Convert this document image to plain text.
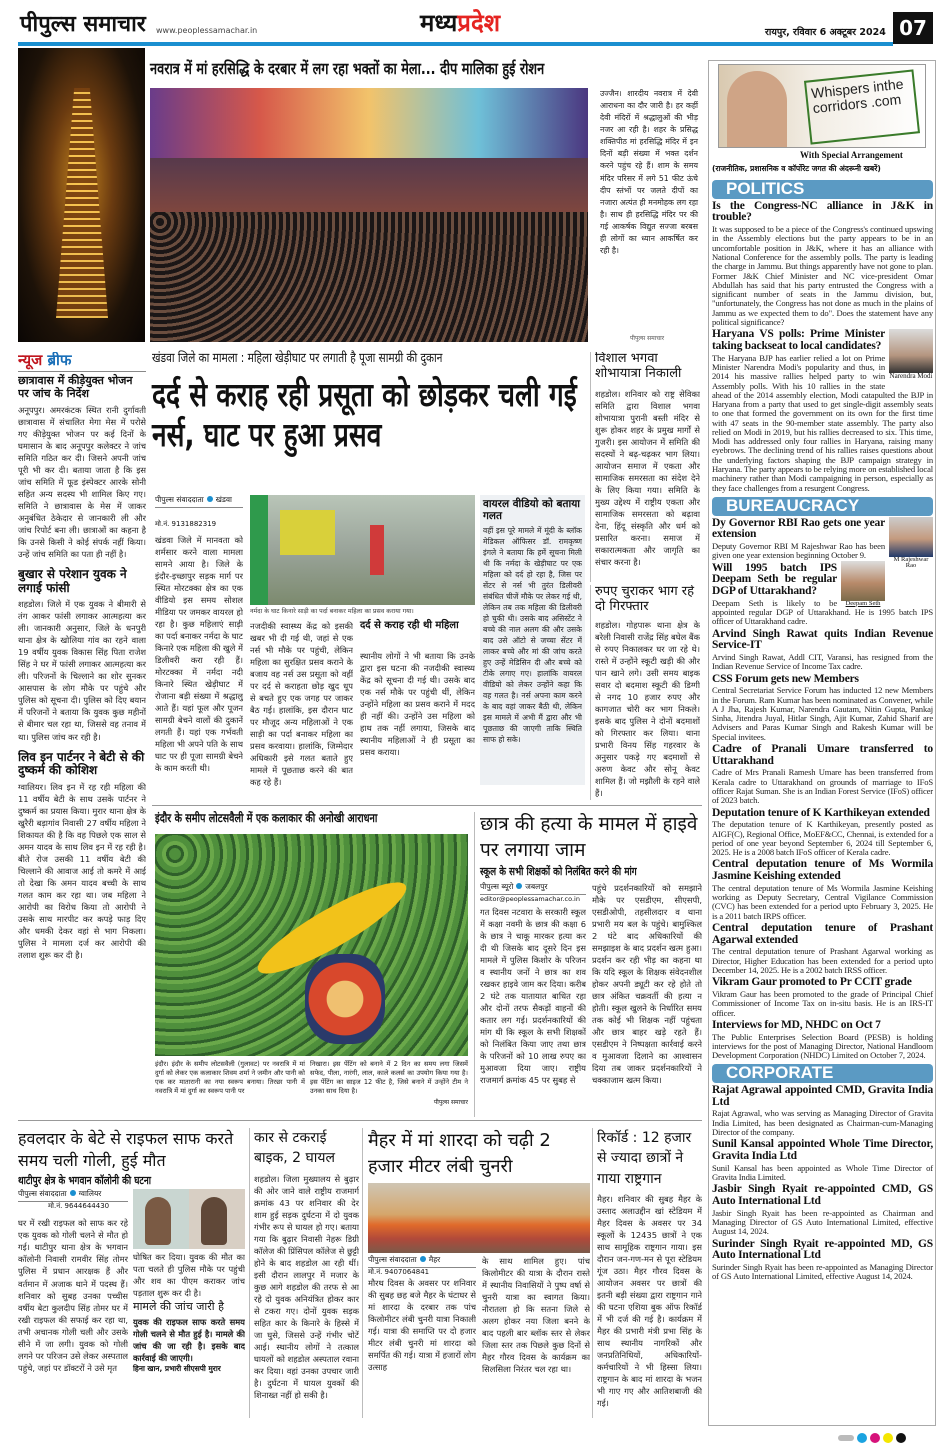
पीपुल्स समाचार www.peoplessamachar.in	मध्यप्रदेश	रायपुर, रविवार 6 अक्टूबर 2024 07
नवरात्र में मां हरसिद्धि के दरबार में लग रहा भक्तों का मेला... दीप मालिका हुई रोशन
उज्जैन। शारदीय नवरात्र में देवी आराधना का दौर जारी है। हर कहीं देवी मंदिरों में श्रद्धालुओं की भीड़ नजर आ रही है। शहर के प्रसिद्ध शक्तिपीठ मां हरसिद्धि मंदिर में इन दिनों बड़ी संख्या में भक्त दर्शन करने पहुंच रहे हैं। शाम के समय मंदिर परिसर में लगे 51 फीट ऊंचे दीप स्तंभों पर जलते दीपों का नजारा अत्यंत ही मनमोहक लग रहा है। साथ ही हरसिद्धि मंदिर पर की गई आकर्षक विद्युत सज्जा बरबस ही लोगों का ध्यान आकर्षित कर रही है।
पीपुल्स समाचार
Whispers inthe corridors .com
With Special Arrangement
(राजनीतिक, प्रशासनिक व कॉर्पोरेट जगत की अंदरूनी खबरें)
POLITICS
Is the Congress-NC alliance in J&K in trouble?

It was supposed to be a piece of the Congress's continued upswing in the Assembly elections but the party appears to be in an uncomfortable position in J&K, where it has an alliance with National Conference for the assembly polls. The party is leading the charge in Jammu. But things apparently have not gone to plan. Former J&K Chief Minister and NC vice-president Omar Abdullah has said that his party entrusted the Congress with a significant number of seats in the Jammu division, but, "unfortunately, the Congress has not done as much in the plains of Jammu as we expected them to do". Does the statement have any political significance?

Narendra Modi
Haryana VS polls: Prime Minister taking backseat to local candidates?

The Haryana BJP has earlier relied a lot on Prime Minister Narendra Modi's popularity and thus, in 2014 his massive rallies helped party to win Assembly polls. With his 10 rallies in the state ahead of the 2014 assembly election, Modi catapulted the BJP in Haryana from a party that used to get single-digit assembly seats to one that formed the government on its own for the first time with 47 seats in the 90-member state assembly. The party also relied on Modi in 2019, but his rallies decreased to six. This time, Modi has addressed only four rallies in Haryana, raising many eyebrows. The declining trend of his rallies raises questions about the underlying factors shaping the BJP campaign strategy in Haryana. The party appears to be relying more on established local machinery rather than Modi campaigning in person, especially as they face challenges from a resurgent Congress.

BUREAUCRACY
M Rajeshwar Rao
Dy Governor RBI Rao gets one year extension

Deputy Governor RBI M Rajeshwar Rao has been given one year extension beginning October 9.

Deepam Seth
Will 1995 batch IPS Deepam Seth be regular DGP of Uttarakhand?

Deepam Seth is likely to be appointed regular DGP of Uttarakhand. He is 1995 batch IPS officer of Uttarakhand cadre.

Arvind Singh Rawat quits Indian Revenue Service-IT

Arvind Singh Rawat, Addl CIT, Varansi, has resigned from the Indian Revenue Service of Income Tax cadre.

CSS Forum gets new Members

Central Secretariat Service Forum has inducted 12 new Members in the Forum. Ram Kumar has been nominated as Convener, while A J Jha, Rajesh Kumar, Narendra Gautam, Nitin Gupta, Pankaj Sinha, Jitendra Juyal, Hitlar Singh, Ajit Kumar, Zahid Sharif are Advisers and Paras Kumar Singh and Rakesh Kumar will be Special invitees.

Cadre of Pranali Umare transferred to Uttarakhand

Cadre of Mrs Pranali Ramesh Umare has been transferred from Kerala cadre to Uttarakhand on grounds of marriage to IFoS officer Rajat Suman. She is an Indian Forest Service (IFoS) officer of 2023 batch.

Deputation tenure of K Karthikeyan extended

The deputation tenure of K Karthikeyan, presently posted as AIGF(C), Regional Office, MoEF&CC, Chennai, is extended for a period of one year beyond September 6, 2024 till September 6, 2025. He is a 2008 batch IFoS officer of Kerala cadre.

Central deputation tenure of Ms Wormila Jasmine Keishing extended

The central deputation tenure of Ms Wormila Jasmine Keishing working as Deputy Secretary, Central Vigilance Commission (CVC) has been extended for a period upto February 3, 2025. He is a 2011 batch IRPS officer.

Central deputation tenure of Prashant Agarwal extended

The central deputation tenure of Prashant Agarwal working as Director, Higher Education has been extended for a period upto December 14, 2025. He is a 2002 batch IRSS officer.

Vikram Gaur promoted to Pr CCIT grade

Vikram Gaur has been promoted to the grade of Principal Chief Commissioner of Income Tax on in-situ basis. He is an IRS-IT officer.

Interviews for MD, NHDC on Oct 7

The Public Enterprises Selection Board (PESB) is holding interviews for the post of Managing Director, National Handloom Development Corporation (NHDC) Limited on October 7, 2024.

CORPORATE
Rajat Agrawal appointed CMD, Gravita India Ltd

Rajat Agrawal, who was serving as Managing Director of Gravita India Limited, has been designated as Chairman-cum-Managing Director of the company.

Sunil Kansal appointed Whole Time Director, Gravita India Ltd

Sunil Kansal has been appointed as Whole Time Director of Gravita India Limited.

Jasbir Singh Ryait re-appointed CMD, GS Auto International Ltd

Jasbir Singh Ryait has been re-appointed as Chairman and Managing Director of GS Auto International Limited, effective August 14, 2024.

Surinder Singh Ryait re-appointed MD, GS Auto International Ltd

Surinder Singh Ryait has been re-appointed as Managing Director of GS Auto International Limited, effective August 14, 2024.

न्यूज ब्रीफ
छात्रावास में कीड़ेयुक्त भोजन पर जांच के निर्देश
अनूपपुर। अमरकंटक स्थित रानी दुर्गावती छात्रावास में संचालित मेगा मेस में परोसे गए कीड़ेयुक्त भोजन पर कई दिनों के घमासान के बाद अनूपपुर कलेक्टर ने जांच समिति गठित कर दी। जिसने अपनी जांच पूरी भी कर दी। बताया जाता है कि इस जांच समिति में फूड इंस्पेक्टर आरके सोनी सहित अन्य सदस्य भी शामिल किए गए। समिति ने छात्रावास के मेस में जाकर अनुबंधित ठेकेदार से जानकारी ली और जांच रिपोर्ट बना ली। छात्राओं का कहना है कि उनसे किसी ने कोई संपर्क नहीं किया। उन्हें जांच समिति का पता ही नहीं है।
बुखार से परेशान युवक ने लगाई फांसी
शहडोल। जिले में एक युवक ने बीमारी से तंग आकर फांसी लगाकर आत्महत्या कर ली। जानकारी अनुसार, जिले के धनपुरी थाना क्षेत्र के खोलिया गांव का रहने वाला 19 वर्षीय युवक विकास सिंह पिता राजेश सिंह ने घर में फांसी लगाकर आत्महत्या कर ली। परिजनों के चिल्लाने का शोर सुनकर आसपास के लोग मौके पर पहुंचे और पुलिस को सूचना दी। पुलिस को दिए बयान में परिजनों ने बताया कि युवक कुछ महीनों से बीमार चल रहा था, जिससे वह तनाव में था। पुलिस जांच कर रही है।
लिव इन पार्टनर ने बेटी से की दुष्कर्म की कोशिश
ग्वालियर। लिव इन में रह रही महिला की 11 वर्षीय बेटी के साथ उसके पार्टनर ने दुष्कर्म का प्रयास किया। मुरार थाना क्षेत्र के खुरैरी बड़ागांव निवासी 27 वर्षीय महिला ने शिकायत की है कि वह पिछले एक साल से अमन यादव के साथ लिव इन में रह रही है। बीते रोज उसकी 11 वर्षीय बेटी की चिल्लाने की आवाज आई तो कमरे में आई तो देखा कि अमन यादव बच्ची के साथ गलत काम कर रहा था। जब महिला ने आरोपी का विरोध किया तो आरोपी ने उसके साथ मारपीट कर कपड़े फाड़ दिए और धमकी देकर वहां से भाग निकला। पुलिस ने मामला दर्ज कर आरोपी की तलाश शुरू कर दी है।
खंडवा जिले का मामला : महिला खेड़ीघाट पर लगाती है पूजा सामग्री की दुकान
दर्द से कराह रही प्रसूता को छोड़कर चली गई नर्स, घाट पर हुआ प्रसव
पीपुल्स संवाददाता खंडवा
मो.नं. 9131882319
नर्मदा के घाट किनारे साड़ी का पर्दा बनाकर महिला का प्रसव कराया गया।
खंडवा जिले में मानवता को शर्मसार करने वाला मामला सामने आया है। जिले के इंदौर-इच्छापुर सड़क मार्ग पर स्थित मोरटक्का क्षेत्र का एक वीडियो इस समय सोशल मीडिया पर जमकर वायरल हो रहा है। कुछ महिलाएं साड़ी का पर्दा बनाकर नर्मदा के घाट किनारे एक महिला की खुले में डिलीवरी करा रही हैं। मोरटक्का में नर्मदा नदी किनारे स्थित खेड़ीघाट में रोजाना बड़ी संख्या में श्रद्धालु आते हैं। यहां फूल और पूजन सामग्री बेचने वालों की दुकानें लगती हैं। यहां एक गर्भवती महिला भी अपने पति के साथ घाट पर ही पूजा सामग्री बेचने के काम करती थी।
नजदीकी स्वास्थ्य केंद्र को इसकी खबर भी दी गई थी, जहां से एक नर्स भी मौके पर पहुंची, लेकिन महिला का सुरक्षित प्रसव कराने के बजाय वह नर्स उस प्रसूता को वहीं पर दर्द से कराहता छोड़ खुद धूप से बचते हुए एक जगह पर जाकर बैठ गई। हालांकि, इस दौरान घाट पर मौजूद अन्य महिलाओं ने एक साड़ी का पर्दा बनाकर महिला का प्रसव करवाया। हालांकि, जिम्मेदार अधिकारी इसे गलत बताते हुए मामले में पूछताछ करने की बात कह रहे हैं।
दर्द से कराह रही थी महिला
स्थानीय लोगों ने भी बताया कि उनके द्वारा इस घटना की नजदीकी स्वास्थ्य केंद्र को सूचना दी गई थी। उसके बाद एक नर्स मौके पर पहुंची थीं, लेकिन उन्होंने महिला का प्रसव कराने में मदद ही नहीं की। उन्होंने उस महिला को हाथ तक नहीं लगाया, जिसके बाद स्थानीय महिलाओं ने ही प्रसूता का प्रसव कराया।
वायरल वीडियो को बताया गलत
वहीं इस पूरे मामले में मूंदी के ब्लॉक मेडिकल ऑफिसर डॉ. रामकृष्ण इंगले ने बताया कि हमें सूचना मिली थी कि नर्मदा के खेड़ीघाट पर एक महिला को दर्द हो रहा है, जिस पर सेंटर से नर्स भी तुरंत डिलीवरी संबंधित चीजें मौके पर लेकर गई थी, लेकिन तब तक महिला की डिलीवरी हो चुकी थी। उसके बाद असिस्टेंट ने बच्चे की नाल अलग की और उसके बाद उसे ऑटो से जच्चा सेंटर में लाकर बच्चे और मां की जांच करते हुए उन्हें मेडिसिन दी और बच्चे को टीके लगाए गए। हालांकि वायरल वीडियो को लेकर उन्होंने कहा कि वह गलत है। नर्स अपना काम करने के बाद वहां जाकर बैठी थी, लेकिन इस मामले में अभी मैं द्वारा और भी पूछताछ की जाएगी ताकि स्थिति साफ हो सके।
विशाल भगवा शोभायात्रा निकाली
शहडोल। शनिवार को राष्ट्र सेविका समिति द्वारा विशाल भगवा शोभायात्रा पुरानी बस्ती मंदिर से शुरू होकर शहर के प्रमुख मार्गों से गुजरी। इस आयोजन में समिति की सदस्यों ने बढ़-चढ़कर भाग लिया। आयोजन समाज में एकता और सामाजिक समरसता का संदेश देने के लिए किया गया। समिति के मुख्य उद्देश्य में राष्ट्रीय एकता और सामाजिक समरसता को बढ़ावा देना, हिंदू संस्कृति और धर्म को प्रसारित करना। समाज में सकारात्मकता और जागृति का संचार करना है।
रुपए चुराकर भाग रहे दो गिरफ्तार
शहडोल। गोहपारू थाना क्षेत्र के बरेली निवासी राजेंद्र सिंह बघेल बैंक से रुपए निकालकर घर जा रहे थे। रास्ते में उन्होंने स्कूटी खड़ी की और पान खाने लगे। उसी समय बाइक सवार दो बदमाश स्कूटी की डिग्गी से नगद 10 हजार रुपए और कागजात चोरी कर भाग निकले। इसके बाद पुलिस ने दोनों बदमाशों को गिरफ्तार कर लिया। थाना प्रभारी विनय सिंह गहरवार के अनुसार पकड़े गए बदमाशों से अरुण केवट और सोनू केवट शामिल हैं। जो मझौली के रहने वाले हैं।
इंदौर के समीप लोटसवैली में एक कलाकार की अनोखी आराधना
इंदौर। इंदौर के समीप लोटसवैली (गुलावट) पर नवरात्रि में मां दुर्गा को लेकर एक कलाकार शिवम शर्मा ने जमीन और पानी को एक कर मातारानी का नया स्वरूप बनाया। तिरछा पानी में नवरात्रि में मां दुर्गा का स्वरूप पानी पर
निखारा। इस पेंटिंग को बनाने में 2 दिन का समय लगा जिसमें सफेद, पीला, नारंगी, लाल, काले कलर्स का उपयोग किया गया है। इस पेंटिंग का साइज 12 फीट है, जिसे बनाने में उन्होंने टीम ने उनका साथ दिया है।
पीपुल्स समाचार
छात्र की हत्या के मामल में हाइवे पर लगाया जाम
स्कूल के सभी शिक्षकों को निलंबित करने की मांग
पीपुल्स ब्यूरो जबलपुर
editor@peoplessamachar.co.in
गत दिवस नटवारा के सरकारी स्कूल में कक्षा नवमी के छात्र की कक्षा 6 के छात्र ने चाकू मारकर हत्या कर दी थी जिसके बाद दूसरे दिन इस मामले में पुलिस किशोर के परिजन व स्थानीय जनों ने छात्र का शव रखकर हाइवे जाम कर दिया। करीब 2 घंटे तक यातायात बाधित रहा और दोनों तरफ सैकड़ों वाहनों की कतार लग गई। प्रदर्शनकारियों की मांग थी कि स्कूल के सभी शिक्षकों को निलंबित किया जाए तथा छात्र के परिजनों को 10 लाख रुपए का मुआवजा दिया जाए। राष्ट्रीय राजमार्ग क्रमांक 45 पर सुबह से
पहुंचे प्रदर्शनकारियों को समझाने मौके पर एसडीएम, सीएसपी, एसडीओपी, तहसीलदार व थाना प्रभारी मय बल के पहुंचे। बामुश्किल 2 घंटे बाद अधिकारियों की समझाइश के बाद प्रदर्शन खत्म हुआ। प्रदर्शन कर रही भीड़ का कहना था कि यदि स्कूल के शिक्षक संवेदनशील होकर अपनी ड्यूटी कर रहे होते तो छात्र अंकित चक्रवर्ती की हत्या न होती। स्कूल खुलने के निर्धारित समय तक कोई भी शिक्षक नहीं पहुंचता और छात्र बाहर खड़े रहते हैं। एसडीएम ने निष्पक्षता कार्रवाई करने व मुआवजा दिलाने का आश्वासन दिया तब जाकर प्रदर्शनकारियों ने चक्काजाम खत्म किया।
हवलदार के बेटे से राइफल साफ करते समय चली गोली, हुई मौत
थाटीपुर क्षेत्र के भगवान कॉलोनी की घटना
पीपुल्स संवाददाता ग्वालियर
मो.नं. 9644644430
घर में रखी राइफल को साफ कर रहे एक युवक को गोली चलने से मौत हो गई। थाटीपुर थाना क्षेत्र के भगवान कॉलोनी निवासी रामवीर सिंह तोमर पुलिस में प्रधान आरक्षक हैं और वर्तमान में अजाक थाने में पदस्थ हैं। शनिवार को सुबह उनका पच्चीस वर्षीय बेटा कुलदीप सिंह तोमर घर में रखी राइफल की सफाई कर रहा था, तभी अचानक गोली चली और उसके सीने में जा लगी। युवक को गोली लगने पर परिजन उसे लेकर अस्पताल पहुंचे, जहां पर डॉक्टरों ने उसे मृत
घोषित कर दिया। युवक की मौत का पता चलते ही पुलिस मौके पर पहुंची और शव का पीएम कराकर जांच पड़ताल शुरू कर दी है।
मामले की जांच जारी है
युवक की राइफल साफ करते समय गोली चलने से मौत हुई है। मामले की जांच की जा रही है। इसके बाद कार्रवाई की जाएगी।
हिना खान, प्रभारी सीएसपी मुरार
कार से टकराई बाइक, 2 घायल
शहडोल। जिला मुख्यालय से बुढ़ार की ओर जाने वाले राष्ट्रीय राजमार्ग क्रमांक 43 पर शनिवार की देर शाम हुई सड़क दुर्घटना में दो युवक गंभीर रूप से घायल हो गए। बताया गया कि बुढ़ार निवासी नेहरू डिग्री कॉलेज की प्रिंसिपल कॉलेज से छुट्टी होने के बाद शहडोल आ रही थीं। इसी दौरान लालपुर में मजार के कुछ आगे शहडोल की तरफ से आ रहे दो युवक अनियंत्रित होकर कार से टकरा गए। दोनों युवक सड़क सहित कार के किनारे के हिस्से में जा घुसे, जिससे उन्हें गंभीर चोटें आई। स्थानीय लोगों ने तत्काल घायलों को शहडोल अस्पताल रवाना कर दिया। वहां उनका उपचार जारी है। दुर्घटना में घायल युवकों की शिनाख्त नहीं हो सकी है।
मैहर में मां शारदा को चढ़ी 2 हजार मीटर लंबी चुनरी
पीपुल्स संवाददाता मैहर
मो.नं. 9407064841
मौरथ दिवस के अवसर पर शनिवार की सुबह छह बजे मैहर के घंटाघर से मां शारदा के दरबार तक पांच किलोमीटर लंबी चुनरी यात्रा निकाली गई। यात्रा की समाप्ति पर दो हजार मीटर लंबी चुनरी मां शारदा को समर्पित की गई। यात्रा में हजारों लोग उत्साह
के साथ शामिल हुए। पांच किलोमीटर की यात्रा के दौरान रास्ते में स्थानीय निवासियों ने पुष्प वर्षा से चुनरी यात्रा का स्वागत किया। नौरातला हो कि सतना जिले से अलग होकर नया जिला बनने के बाद पहली बार ब्लॉक स्तर से लेकर जिला स्तर तक पिछले कुछ दिनों से मैहर गौरव दिवस के कार्यक्रम का सिलसिला निरंतर चल रहा था।
रिकॉर्ड : 12 हजार से ज्यादा छात्रों ने गाया राष्ट्रगान
मैहर। शनिवार की सुबह मैहर के उस्ताद अलाउद्दीन खां स्टेडियम में मैहर दिवस के अवसर पर 34 स्कूलों के 12435 छात्रों ने एक साथ सामूहिक राष्ट्रगान गाया। इस दौरान जन-गण-मन से पूरा स्टेडियम गूंज उठा। मैहर गौरव दिवस के आयोजन अवसर पर छात्रों की इतनी बड़ी संख्या द्वारा राष्ट्रगान गाने की घटना एशिया बुक ऑफ रिकॉर्ड में भी दर्ज की गई है। कार्यक्रम में मैहर की प्रभारी मंत्री प्रभा सिंह के साथ स्थानीय नागरिकों और जनप्रतिनिधियों, अधिकारियों-कर्मचारियों ने भी हिस्सा लिया। राष्ट्रगान के बाद मां शारदा के भजन भी गाए गए और आतिशबाजी की गई।
